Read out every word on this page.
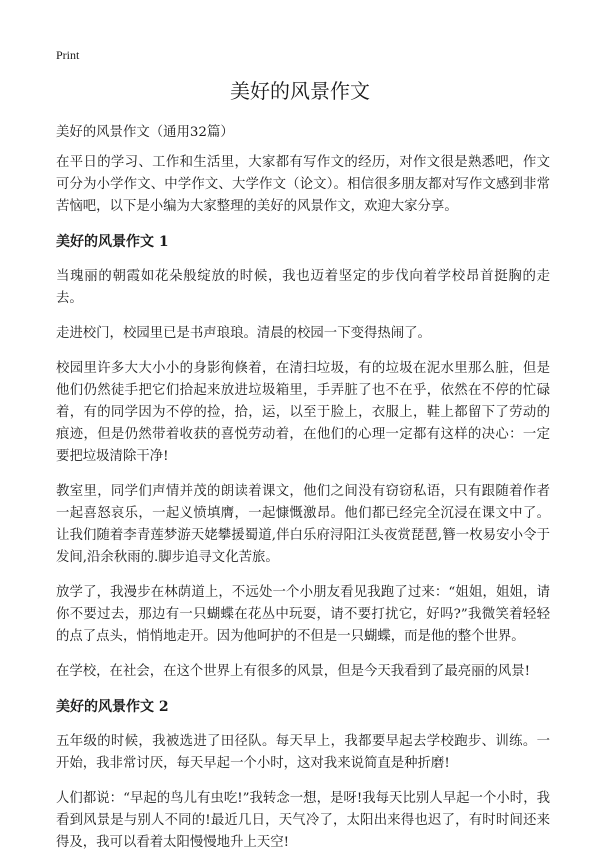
Print
美好的风景作文

美好的风景作文（通用32篇）

在平日的学习、工作和生活里，大家都有写作文的经历，对作文很是熟悉吧，作文可分为小学作文、中学作文、大学作文（论文）。相信很多朋友都对写作文感到非常苦恼吧，以下是小编为大家整理的美好的风景作文，欢迎大家分享。

美好的风景作文 1

当瑰丽的朝霞如花朵般绽放的时候，我也迈着坚定的步伐向着学校昂首挺胸的走去。

走进校门，校园里已是书声琅琅。清晨的校园一下变得热闹了。

校园里许多大大小小的身影徇倏着，在清扫垃圾，有的垃圾在泥水里那么脏，但是他们仍然徒手把它们拾起来放进垃圾箱里，手弄脏了也不在乎，依然在不停的忙碌着，有的同学因为不停的捡，拾，运，以至于脸上，衣服上，鞋上都留下了劳动的痕迹，但是仍然带着收获的喜悦劳动着，在他们的心理一定都有这样的决心：一定要把垃圾清除干净!

教室里，同学们声情并茂的朗读着课文，他们之间没有窃窃私语，只有跟随着作者一起喜怒哀乐，一起义愤填膺，一起慷慨激昂。他们都已经完全沉浸在课文中了。让我们随着李青莲梦游天姥攀援蜀道,伴白乐府浔阳江头夜赏琵琶,簪一枚易安小令于发间,沿余秋雨的.脚步追寻文化苦旅。

放学了，我漫步在林荫道上，不远处一个小朋友看见我跑了过来：“姐姐，姐姐，请你不要过去，那边有一只蝴蝶在花丛中玩耍，请不要打扰它，好吗?”我微笑着轻轻的点了点头，悄悄地走开。因为他呵护的不但是一只蝴蝶，而是他的整个世界。

在学校，在社会，在这个世界上有很多的风景，但是今天我看到了最亮丽的风景!

美好的风景作文 2

五年级的时候，我被选进了田径队。每天早上，我都要早起去学校跑步、训练。一开始，我非常讨厌，每天早起一个小时，这对我来说简直是种折磨!

人们都说：“早起的鸟儿有虫吃!”我转念一想，是呀!我每天比别人早起一个小时，我看到风景是与别人不同的!最近几日，天气冷了，太阳出来得也迟了，有时时间还来得及，我可以看着太阳慢慢地升上天空!
